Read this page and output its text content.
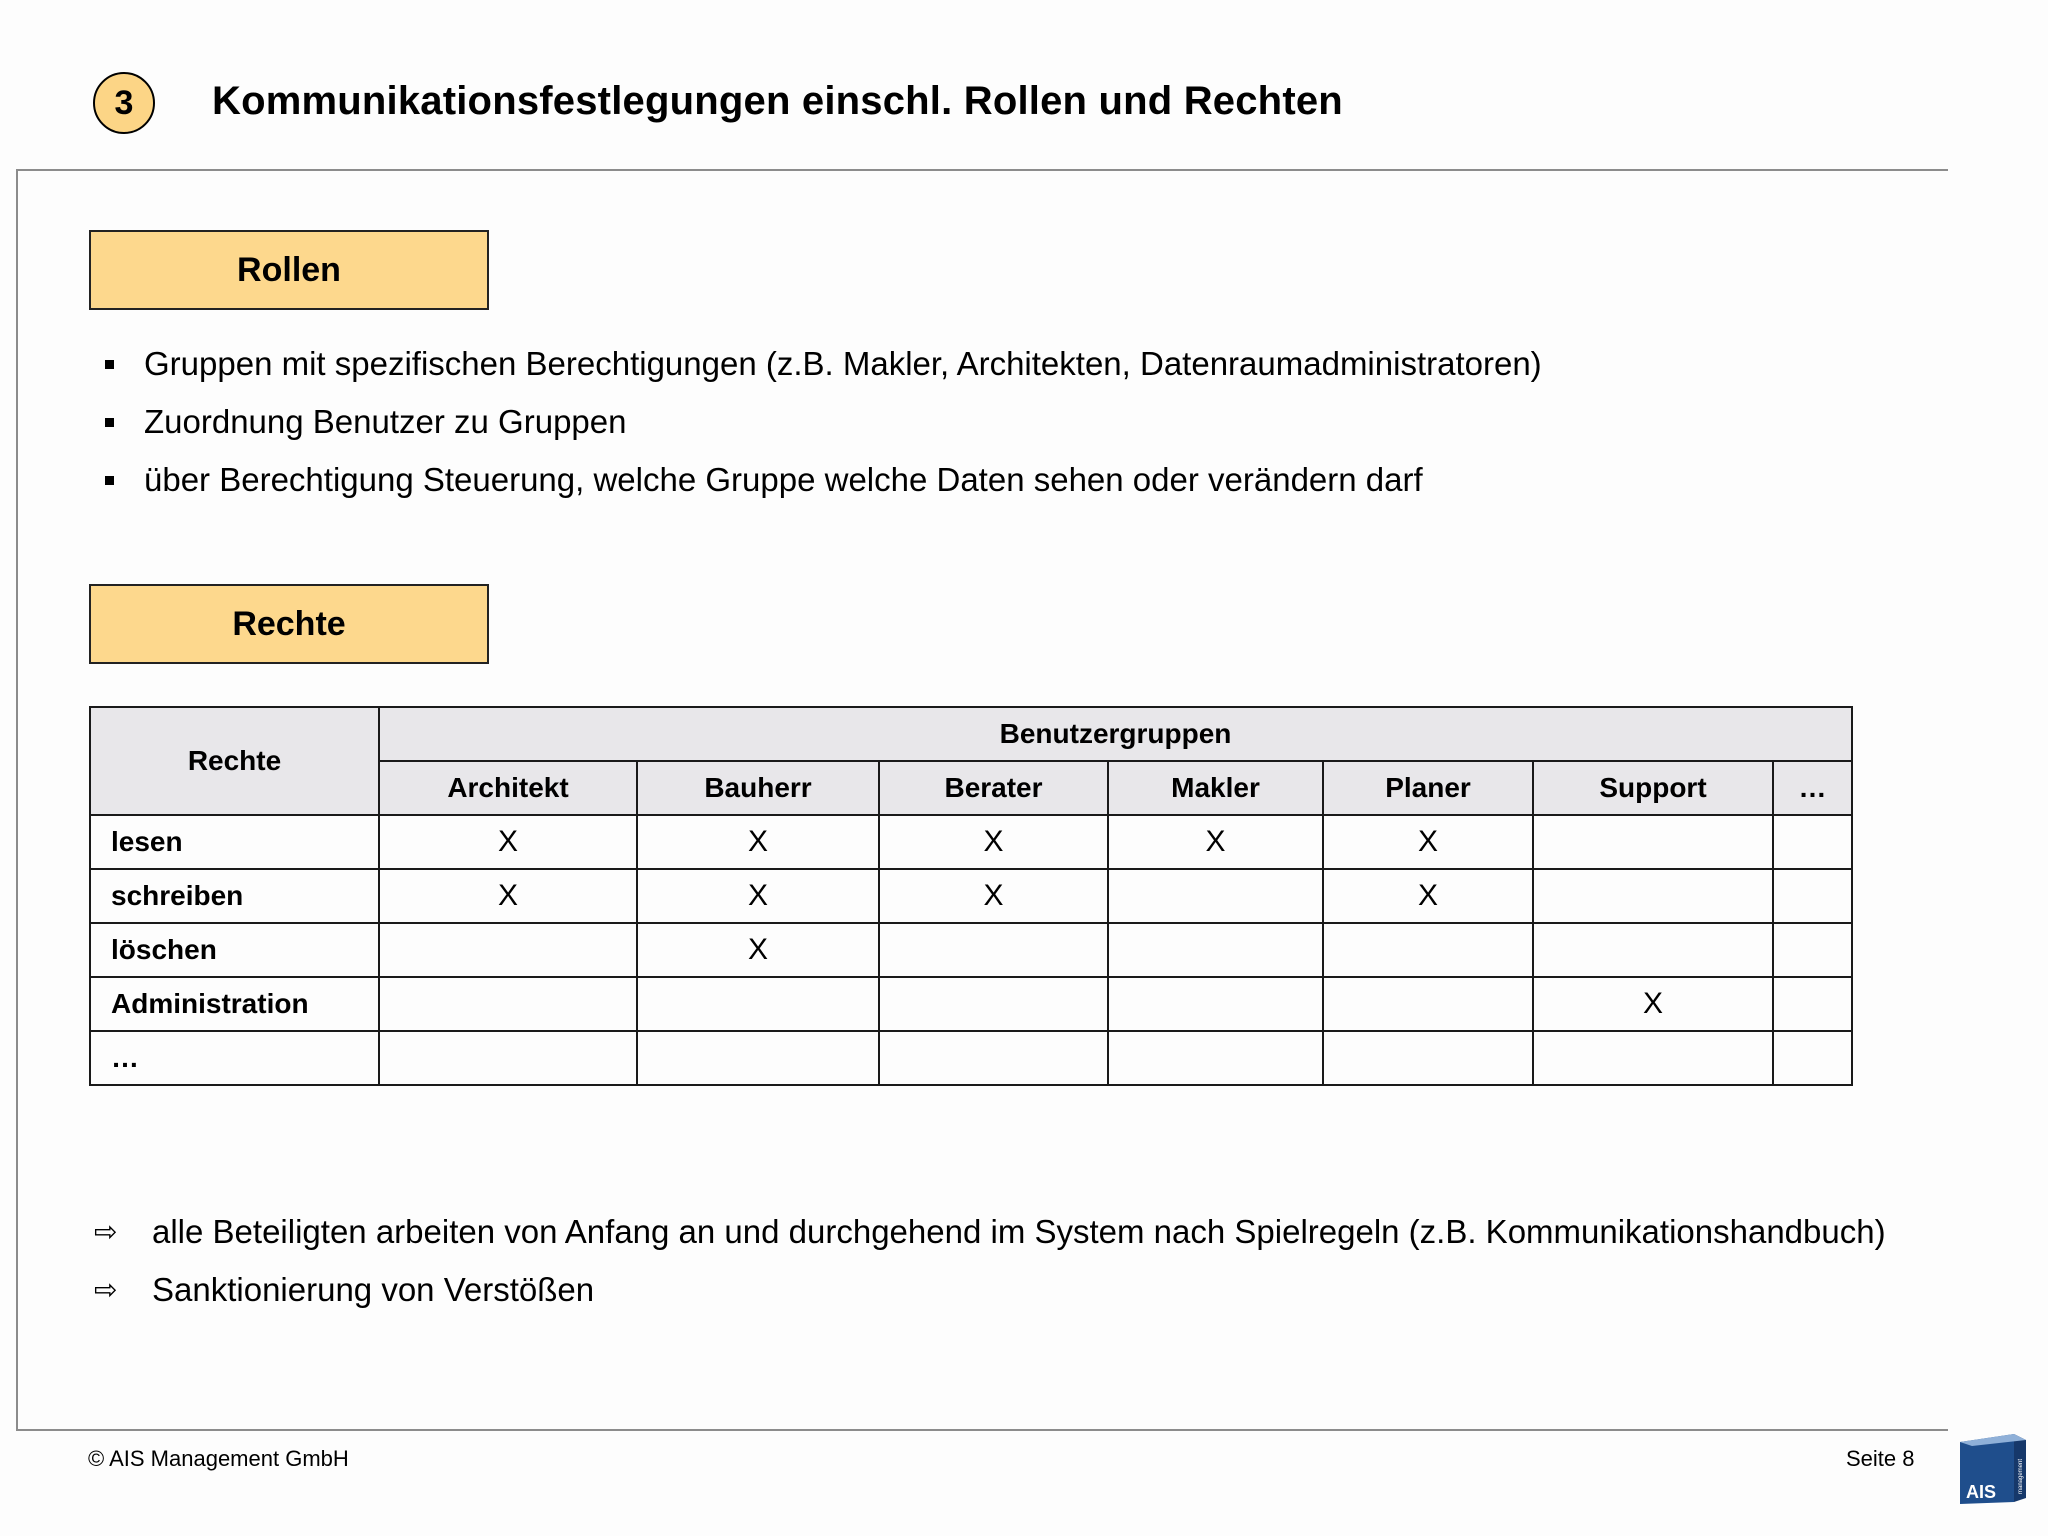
3 Kommunikationsfestlegungen einschl. Rollen und Rechten
Rollen
Gruppen mit spezifischen Berechtigungen (z.B. Makler, Architekten, Datenraumadministratoren)
Zuordnung Benutzer zu Gruppen
über Berechtigung Steuerung, welche Gruppe welche Daten sehen oder verändern darf
Rechte
Rechte	Benutzergruppen						
	Architekt	Bauherr	Berater	Makler	Planer	Support	…
lesen	X	X	X	X	X		
schreiben	X	X	X		X		
löschen		X					
Administration						X	
…							
⇨ alle Beteiligten arbeiten von Anfang an und durchgehend im System nach Spielregeln (z.B. Kommunikationshandbuch)
⇨ Sanktionierung von Verstößen
© AIS Management GmbH	Seite 8
AIS	management
